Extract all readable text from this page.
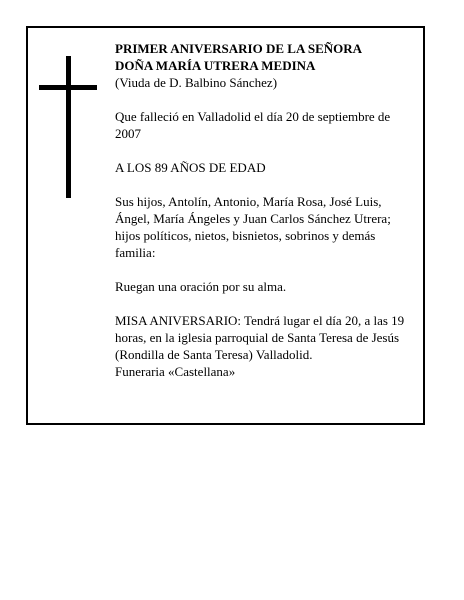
PRIMER ANIVERSARIO DE LA SEÑORA

DOÑA MARÍA UTRERA MEDINA

(Viuda de D. Balbino Sánchez)

Que falleció en Valladolid el día 20 de septiembre de 2007

A LOS 89 AÑOS DE EDAD

Sus hijos, Antolín, Antonio, María Rosa, José Luis, Ángel, María Ángeles y Juan Carlos Sánchez Utrera; hijos políticos, nietos, bisnietos, sobrinos y demás familia:

Ruegan una oración por su alma.

MISA ANIVERSARIO: Tendrá lugar el día 20, a las 19 horas, en la iglesia parroquial de Santa Teresa de Jesús (Rondilla de Santa Teresa) Valladolid.

Funeraria «Castellana»
